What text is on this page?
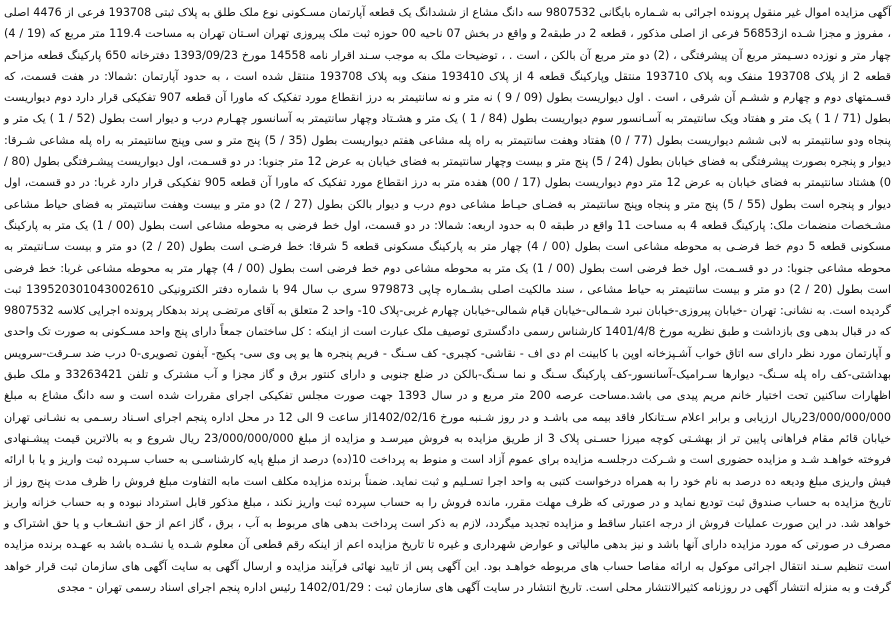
آگهی مزایده اموال غیر منقول پرونده اجرائی به شـماره بایگانی 9807532 سه دانگ مشاع از ششدانگ یک قطعه آپارتمان مسـکونی نوع ملک طلق به پلاک ثبتی 193708 فرعی از 4476 اصلی ، مفروز و مجزا شـده از56853 فرعی از اصلی مذکور ، قطعه 2 در طبقه2 و واقع در بخش 07 ناحیه 00 حوزه ثبت ملک پیروزی تهران اسـتان تهران به مساحت 119.4 متر مربع که (19 / 4) چهار متر و نوزده دسـیمتر مربع آن پیشرفتگی ، (2) دو متر مربع آن بالکن ، است . ، توضیحات ملک به موجب سـند اقرار نامه 14558 مورخ 1393/09/23 دفترخانه 650 پارکینگ قطعه مزاحم قطعه 2 از پلاک 193708 منفک وبه پلاک 193710 منتقل وپارکینگ قطعه 4 از پلاک 193410 منفک وبه پلاک 193708 منتقل شده است ، به حدود آپارتمان :شمالا: در هفت قسمت، که قسـمتهای دوم و چهارم و ششـم آن شرقی ، است . اول دیواریست بطول (09 / 9 ) نه متر و نه سانتیمتر به درز انقطاع مورد تفکیک که ماورا آن قطعه 907 تفکیکی قرار دارد دوم دیواریست بطول (71 / 1 ) یک متر و هفتاد ویک سانتیمتر به آسـانسور سوم دیواریست بطول (84 / 1 ) یک متر و هشـتاد وچهار سانتیمتر به آسانسور چهـارم درب و دیوار است بطول (52 / 1 ) یک متر و پنجاه ودو سانتیمتر به لابی ششم دیواریست بطول (77 / 0) هفتاد وهفت سانتیمتر به راه پله مشاعی هفتم دیواریست بطول (35 / 5) پنج متر و سی وپنج سانتیمتر به راه پله مشاعی شـرقا: دیوار و پنجره بصورت پیشرفتگی به فضای خیابان بطول (24 / 5) پنج متر و بیست وچهار سانتیمتر به فضای خیابان به عرض 12 متر جنوبا: در دو قسـمت، اول دیواریست پیشـرفتگی بطول (80 / 0) هشتاد سانتیمتر به فضای خیابان به عرض 12 متر دوم دیواریست بطول (17 / 00) هفده متر به درز انقطاع مورد تفکیک که ماورا آن قطعه 905 تفکیکی قرار دارد غربا: در دو قسمت، اول دیوار و پنجره است بطول (55 / 5) پنج متر و پنجاه وپنج سانتیمتر به فضـای حیـاط مشاعی دوم درب و دیوار بالکن بطول (27 / 2) دو متر و بیست وهفت سانتیمتر به فضای حیاط مشاعی مشـخصات منضمات ملک: پارکینگ قطعه 4 به مساحت 11 واقع در طبقه 0 به حدود اربعه: شمالا: در دو قسمت، اول خط فرضی به محوطه مشاعی است بطول (00 / 1) یک متر به پارکینگ مسکونی قطعه 5 دوم خط فرضـی به محوطه مشاعی است بطول (00 / 4) چهار متر به پارکینگ مسکونی قطعه 5 شرقا: خط فرضـی است بطول (20 / 2) دو متر و بیست سـانتیمتر به محوطه مشاعی جنوبا: در دو قسـمت، اول خط فرضی است بطول (00 / 1) یک متر به محوطه مشاعی دوم خط فرضی است بطول (00 / 4) چهار متر به محوطه مشاعی غربا: خط فرضی است بطول (20 / 2) دو متر و بیست سانتیمتر به حیاط مشاعی ، سند مالکیت اصلی بشـماره چاپی 979873 سری ب سال 94 با شماره دفتر الکترونیکی 139520301043002610 ثبت گردیده است. به نشانی: تهران -خیابان پیروزی-خیابان نبرد شـمالی-خیابان قیام شمالی-خیابان چهارم غربی-پلاک 10- واحد 2 متعلق به آقای مرتضـی پرند بدهکار پرونده اجرایی کلاسه 9807532 که در قبال بدهی وی بازداشت و طبق نظریه مورخ 1401/4/8 کارشناس رسمی دادگستری توصیف ملک عبارت است از اینکه : کل ساختمان جمعاً دارای پنج واحد مسـکونی به صورت تک واحدی و آپارتمان مورد نظر دارای سه اتاق خواب آشـپزخانه اوپن با کابینت ام دی اف - نقاشی- کچبری- کف سـنگ - فریم پنجره ها یو پی وی سی- پکیج- آیفون تصویری-0 درب ضد سـرقت-سرویس بهداشتی-کف راه پله سـنگ- دیوارها سـرامیک-آسانسور-کف پارکینگ سـنگ و نما سـنگ-بالکن در ضلع جنوبی و دارای کنتور برق و گاز مجزا و آب مشترک و تلفن 33263421 و ملک طبق اظهارات ساکنین تحت اختیار خانم مریم پیدی می باشد.مساحت عرصه 200 متر مربع و در سال 1393 جهت صورت مجلس تفکیکی اجرای مقررات شده است و سه دانگ مشاع به مبلغ 23/000/000/000ریال ارزیابی و برابر اعلام سـتانکار فاقد بیمه می باشـد و در روز شـنبه مورخ 1402/02/16از ساعت 9 الی 12 در محل اداره پنجم اجرای اسـناد رسـمی به نشـانی تهران خیابان قائم مقام فراهانی پایین تر از بهشـتی کوچه میرزا حسـنی پلاک 3 از طریق مزایده به فروش میرسـد و مزایده از مبلغ 23/000/000/000 ریال شروع و به بالاترین قیمت پیشـنهادی فروخته خواهـد شـد و مزایده حضوری است و شـرکت درجلسـه مزایده برای عموم آزاد است و منوط به پرداخت 10(ده) درصد از مبلغ پایه کارشناسـی به حساب سـپرده ثبت واریز و یا با ارائه فیش واریزی مبلغ ودیعه ده درصد به نام خود را به همراه درخواست کتبی به واحد اجرا تسـلیم و ثبت نماید. ضمناً برنده مزایده مکلف است مابه التفاوت مبلغ فروش را ظرف مدت پنج روز از تاریخ مزایده به حساب صندوق ثبت تودیع نماید و در صورتی که ظرف مهلت مقرر، مانده فروش را به حساب سپرده ثبت واریز نکند ، مبلغ مذکور قابل استرداد نبوده و به حساب خزانه واریز خواهد شد. در این صورت عملیات فروش از درجه اعتبار ساقط و مزایده تجدید میگردد، لازم به ذکر است پرداخت بدهی های مربوط به آب ، برق ، گاز اعم از حق انشـعاب و یا حق اشتراک و مصرف در صورتی که مورد مزایده دارای آنها باشد و نیز بدهی مالیاتی و عوارض شهرداری و غیره تا تاریخ مزایده اعم از اینکه رقم قطعی آن معلوم شـده یا نشـده باشد به عهـده برنده مزایده است تنظیم سـند انتقال اجرائی موکول به ارائه مفاصا حساب های مربوطه خواهـد بود. این آگهی پس از تایید نهائی فرآیند مزایده و ارسال آگهی به سایت آگهی های سازمان ثبت قرار خواهد گرفت و به منزله انتشار آگهی در روزنامه کثیرالانتشار محلی است. تاریخ انتشار در سایت آگهی های سازمان ثبت : 1402/01/29 رئیس اداره پنجم اجرای اسناد رسمی تهران - مجدی
